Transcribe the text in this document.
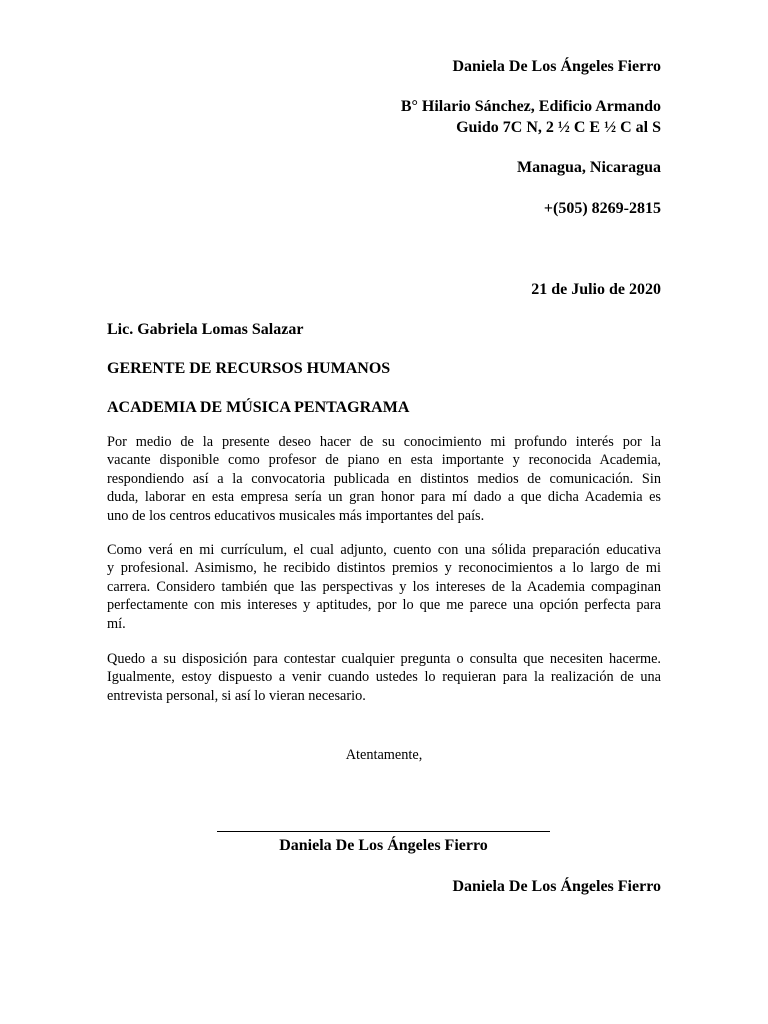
Daniela De Los Ángeles Fierro
B° Hilario Sánchez, Edificio Armando
Guido 7C N, 2 ½ C E ½ C al S
Managua, Nicaragua
+(505) 8269-2815
21 de Julio de 2020
Lic. Gabriela Lomas Salazar
GERENTE DE RECURSOS HUMANOS
ACADEMIA DE MÚSICA PENTAGRAMA
Por medio de la presente deseo hacer de su conocimiento mi profundo interés por la
vacante disponible como profesor de piano en esta importante y reconocida Academia,
respondiendo así a la convocatoria publicada en distintos medios de comunicación. Sin
duda, laborar en esta empresa sería un gran honor para mí dado a que dicha Academia es
uno de los centros educativos musicales más importantes del país.
Como verá en mi currículum, el cual adjunto, cuento con una sólida preparación educativa
y profesional. Asimismo, he recibido distintos premios y reconocimientos a lo largo de mi
carrera. Considero también que las perspectivas y los intereses de la Academia compaginan
perfectamente con mis intereses y aptitudes, por lo que me parece una opción perfecta para
mí.
Quedo a su disposición para contestar cualquier pregunta o consulta que necesiten hacerme.
Igualmente, estoy dispuesto a venir cuando ustedes lo requieran para la realización de una
entrevista personal, si así lo vieran necesario.
Atentamente,
Daniela De Los Ángeles Fierro
Daniela De Los Ángeles Fierro
